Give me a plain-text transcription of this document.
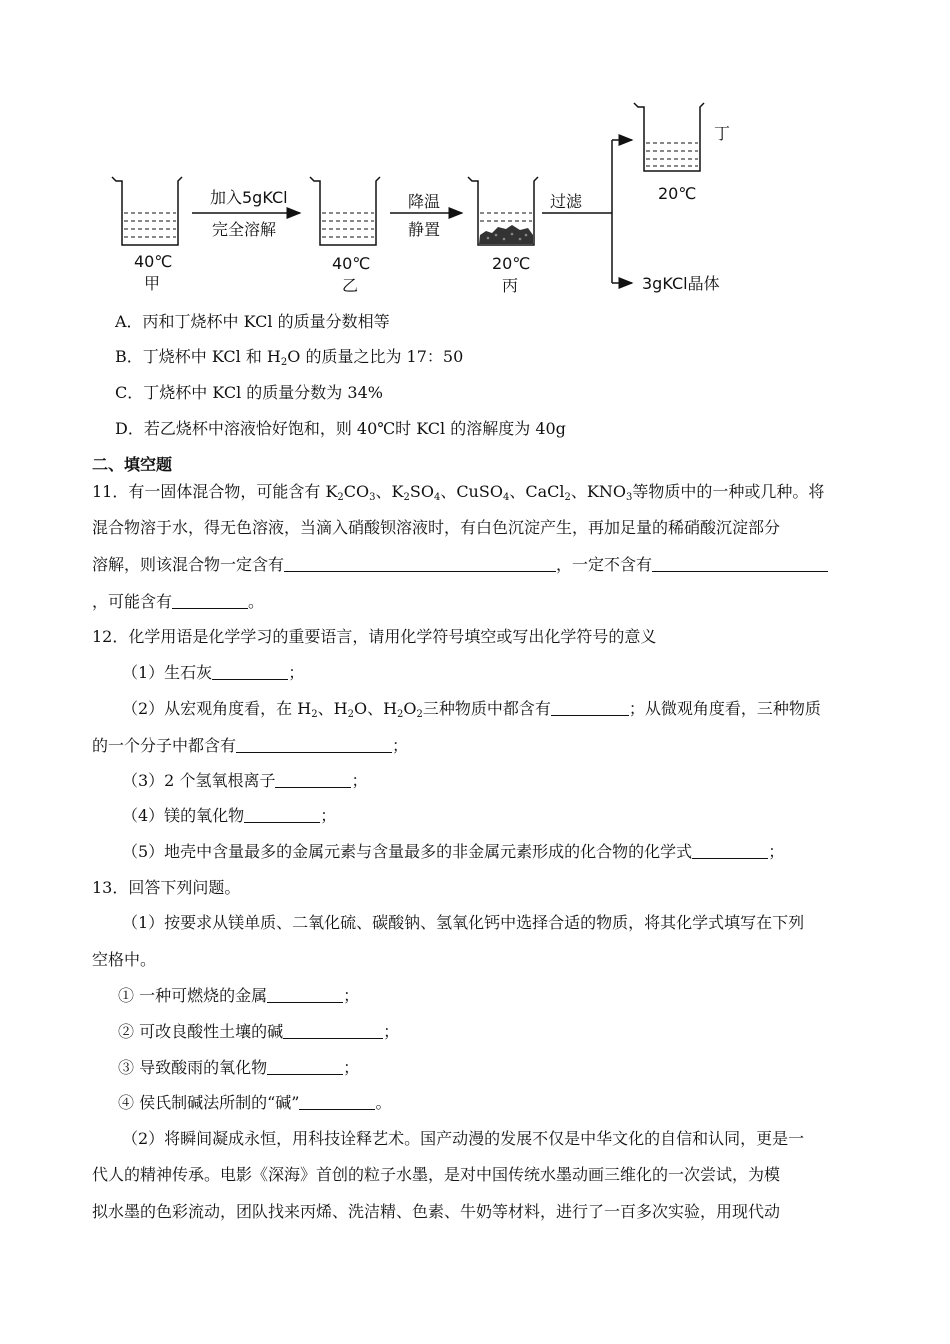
40℃
甲
加入5gKCl
完全溶解
40℃
乙
降温
静置
20℃
丙
过滤	20℃
丁
3gKCl晶体
A．丙和丁烧杯中 KCl 的质量分数相等
B．丁烧杯中 KCl 和 $H_2O$ 的质量之比为 17：50
C．丁烧杯中 KCl 的质量分数为 34%
D．若乙烧杯中溶液恰好饱和，则 40℃时 KCl 的溶解度为 40g
二、填空题
11．有一固体混合物，可能含有 $K_2CO_3$、$K_2SO_4$、CuSO$_4$、CaCl$_2$、$KNO_3$等物质中的一种或几种。将
混合物溶于水，得无色溶液，当滴入硝酸钡溶液时，有白色沉淀产生，再加足量的稀硝酸沉淀部分
溶解，则该混合物一定含有	，一定不含有
，可能含有	。
12．化学用语是化学学习的重要语言，请用化学符号填空或写出化学符号的意义
（1）生石灰	；
（2）从宏观角度看，在 $H_2$、$H_2O$、$H_2O_2$三种物质中都含有	；从微观角度看，三种物质
的一个分子中都含有	；
（3）2 个氢氧根离子	；
（4）镁的氧化物	；
（5）地壳中含量最多的金属元素与含量最多的非金属元素形成的化合物的化学式	；
13．回答下列问题。
（1）按要求从镁单质、二氧化硫、碳酸钠、氢氧化钙中选择合适的物质，将其化学式填写在下列
空格中。
① 一种可燃烧的金属	；
② 可改良酸性土壤的碱	；
③ 导致酸雨的氧化物	；
④ 侯氏制碱法所制的“碱”	。
（2）将瞬间凝成永恒，用科技诠释艺术。国产动漫的发展不仅是中华文化的自信和认同，更是一
代人的精神传承。电影《深海》首创的粒子水墨，是对中国传统水墨动画三维化的一次尝试，为模
拟水墨的色彩流动，团队找来丙烯、洗洁精、色素、牛奶等材料，进行了一百多次实验，用现代动
